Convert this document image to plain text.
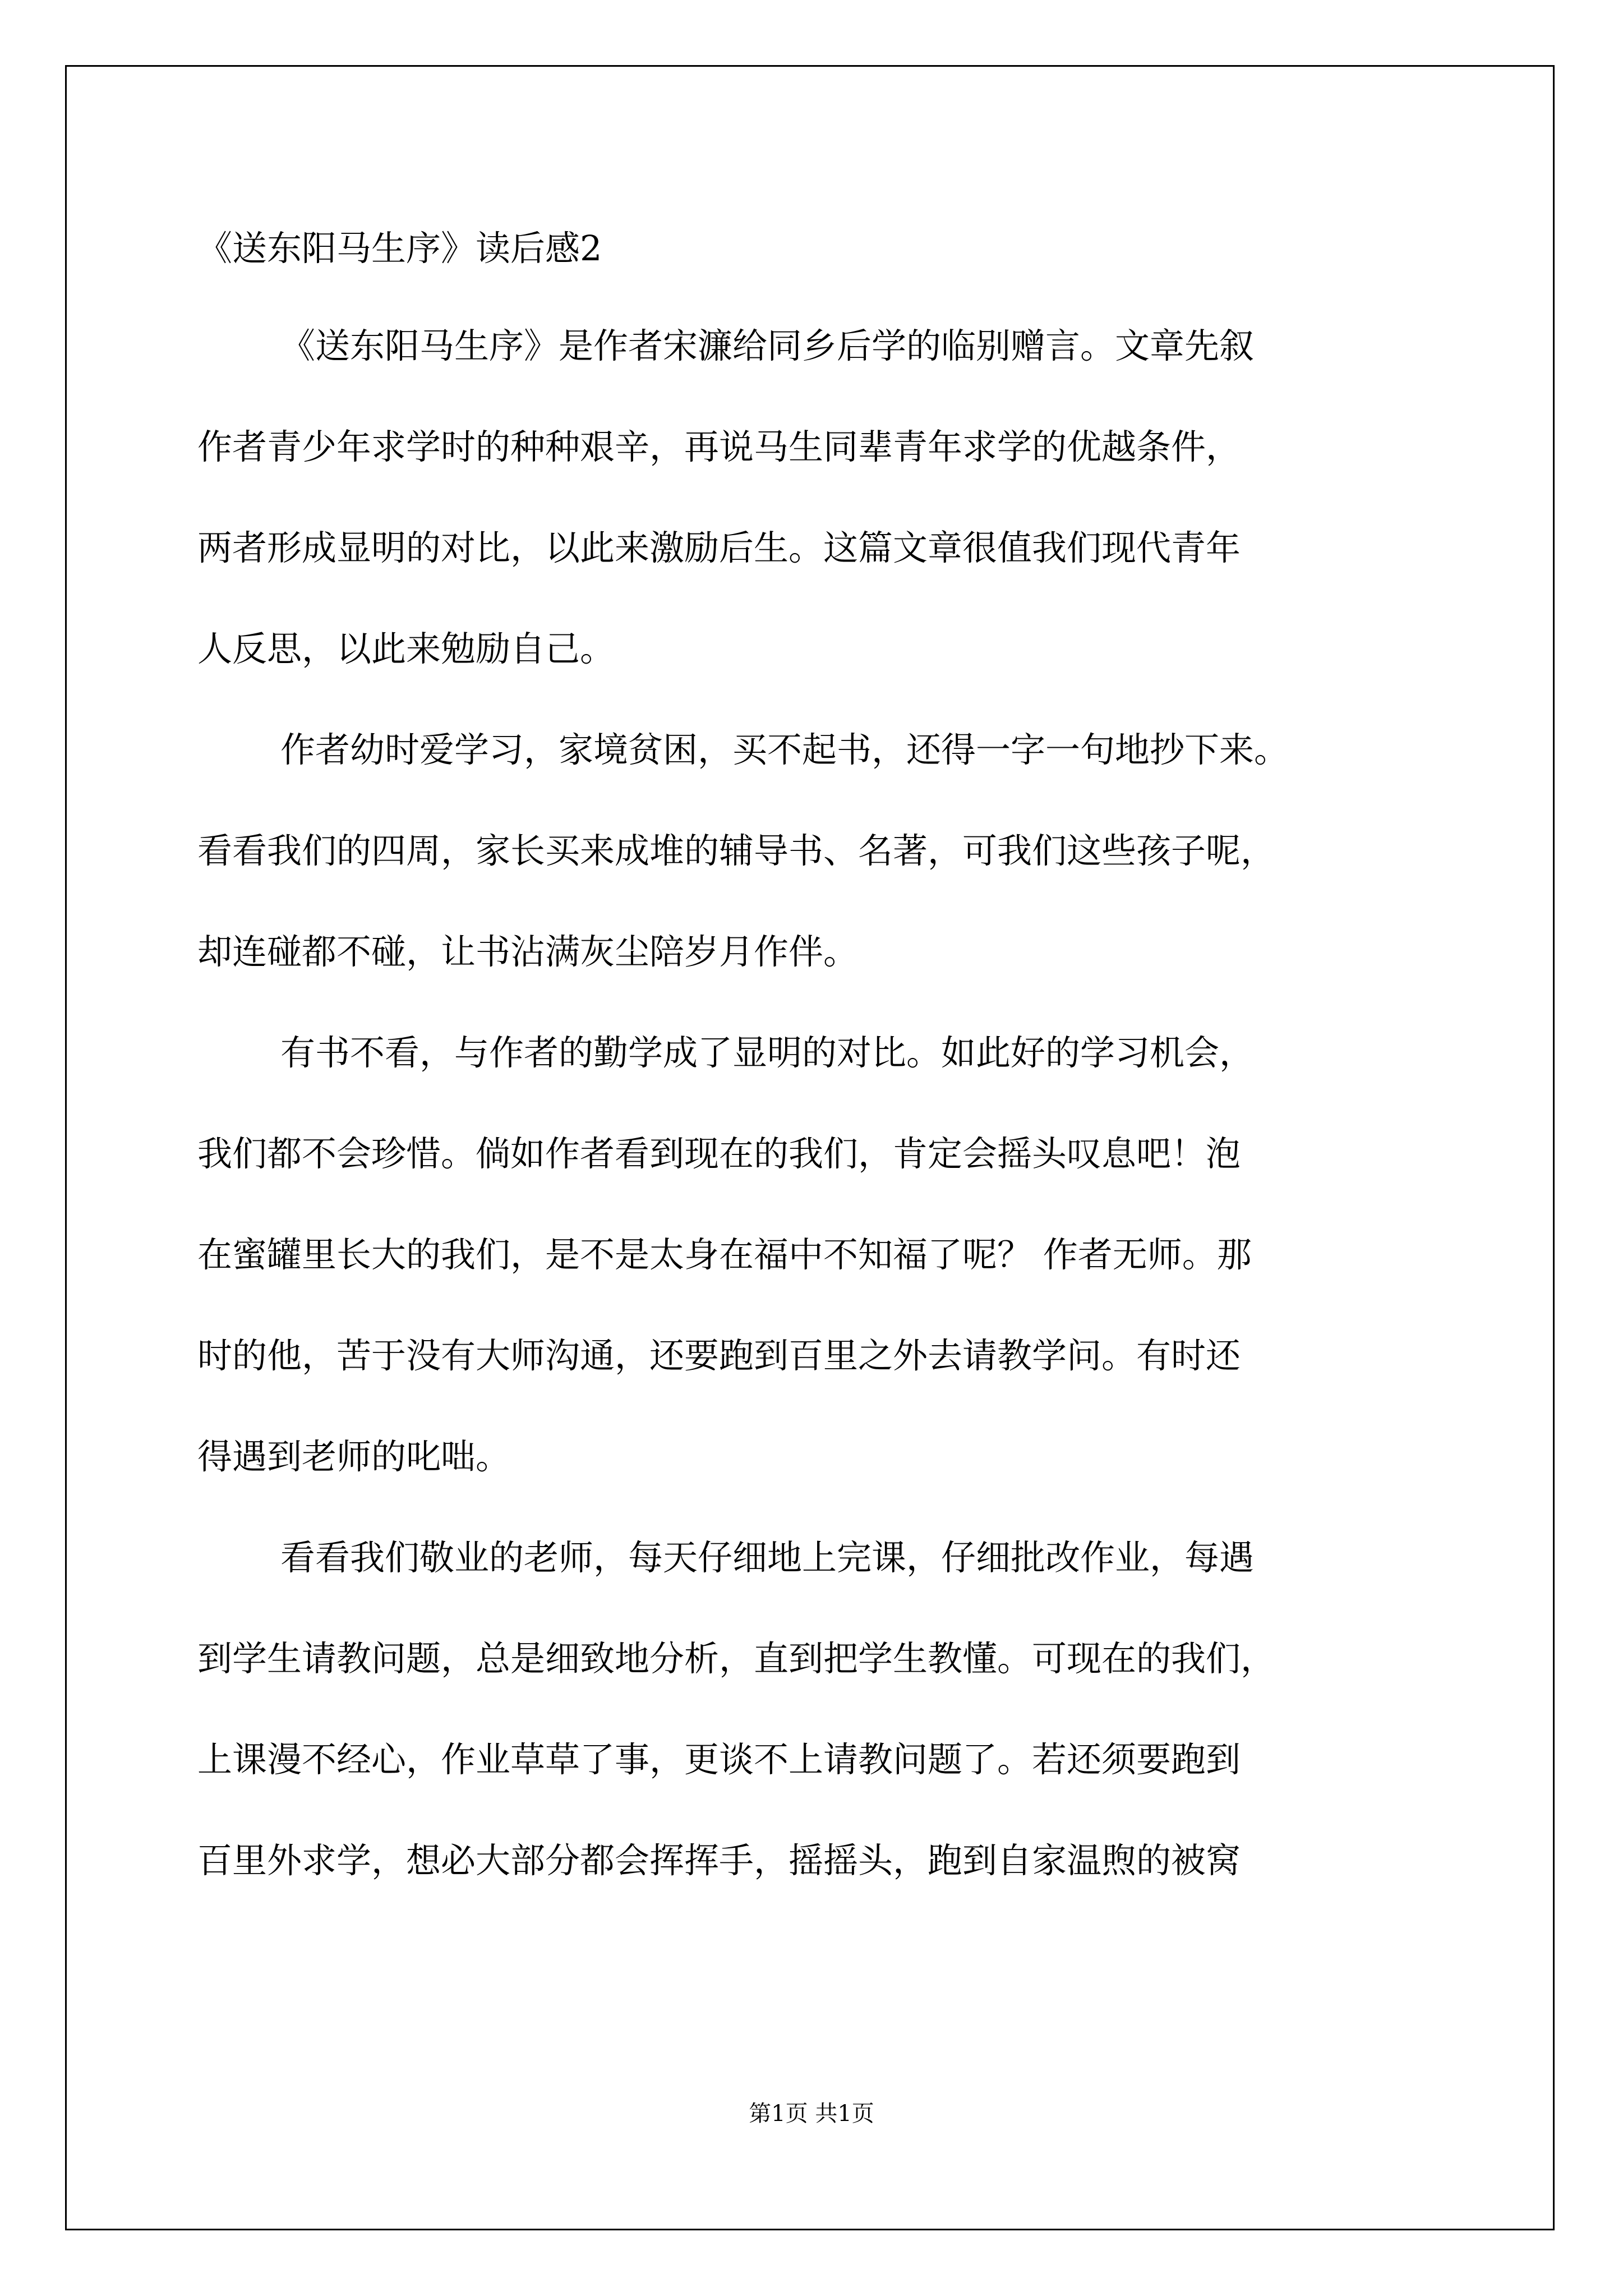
《送东阳马生序》读后感2
《送东阳马生序》是作者宋濂给同乡后学的临别赠言。文章先叙
作者青少年求学时的种种艰辛，再说马生同辈青年求学的优越条件，
两者形成显明的对比，以此来激励后生。这篇文章很值我们现代青年
人反思，以此来勉励自己。
作者幼时爱学习，家境贫困，买不起书，还得一字一句地抄下来。
看看我们的四周，家长买来成堆的辅导书、名著，可我们这些孩子呢，
却连碰都不碰，让书沾满灰尘陪岁月作伴。
有书不看，与作者的勤学成了显明的对比。如此好的学习机会，
我们都不会珍惜。倘如作者看到现在的我们，肯定会摇头叹息吧！泡
在蜜罐里长大的我们，是不是太身在福中不知福了呢？ 作者无师。那
时的他，苦于没有大师沟通，还要跑到百里之外去请教学问。有时还
得遇到老师的叱咄。
看看我们敬业的老师，每天仔细地上完课，仔细批改作业，每遇
到学生请教问题，总是细致地分析，直到把学生教懂。可现在的我们，
上课漫不经心，作业草草了事，更谈不上请教问题了。若还须要跑到
百里外求学，想必大部分都会挥挥手，摇摇头，跑到自家温煦的被窝
第1页 共1页
